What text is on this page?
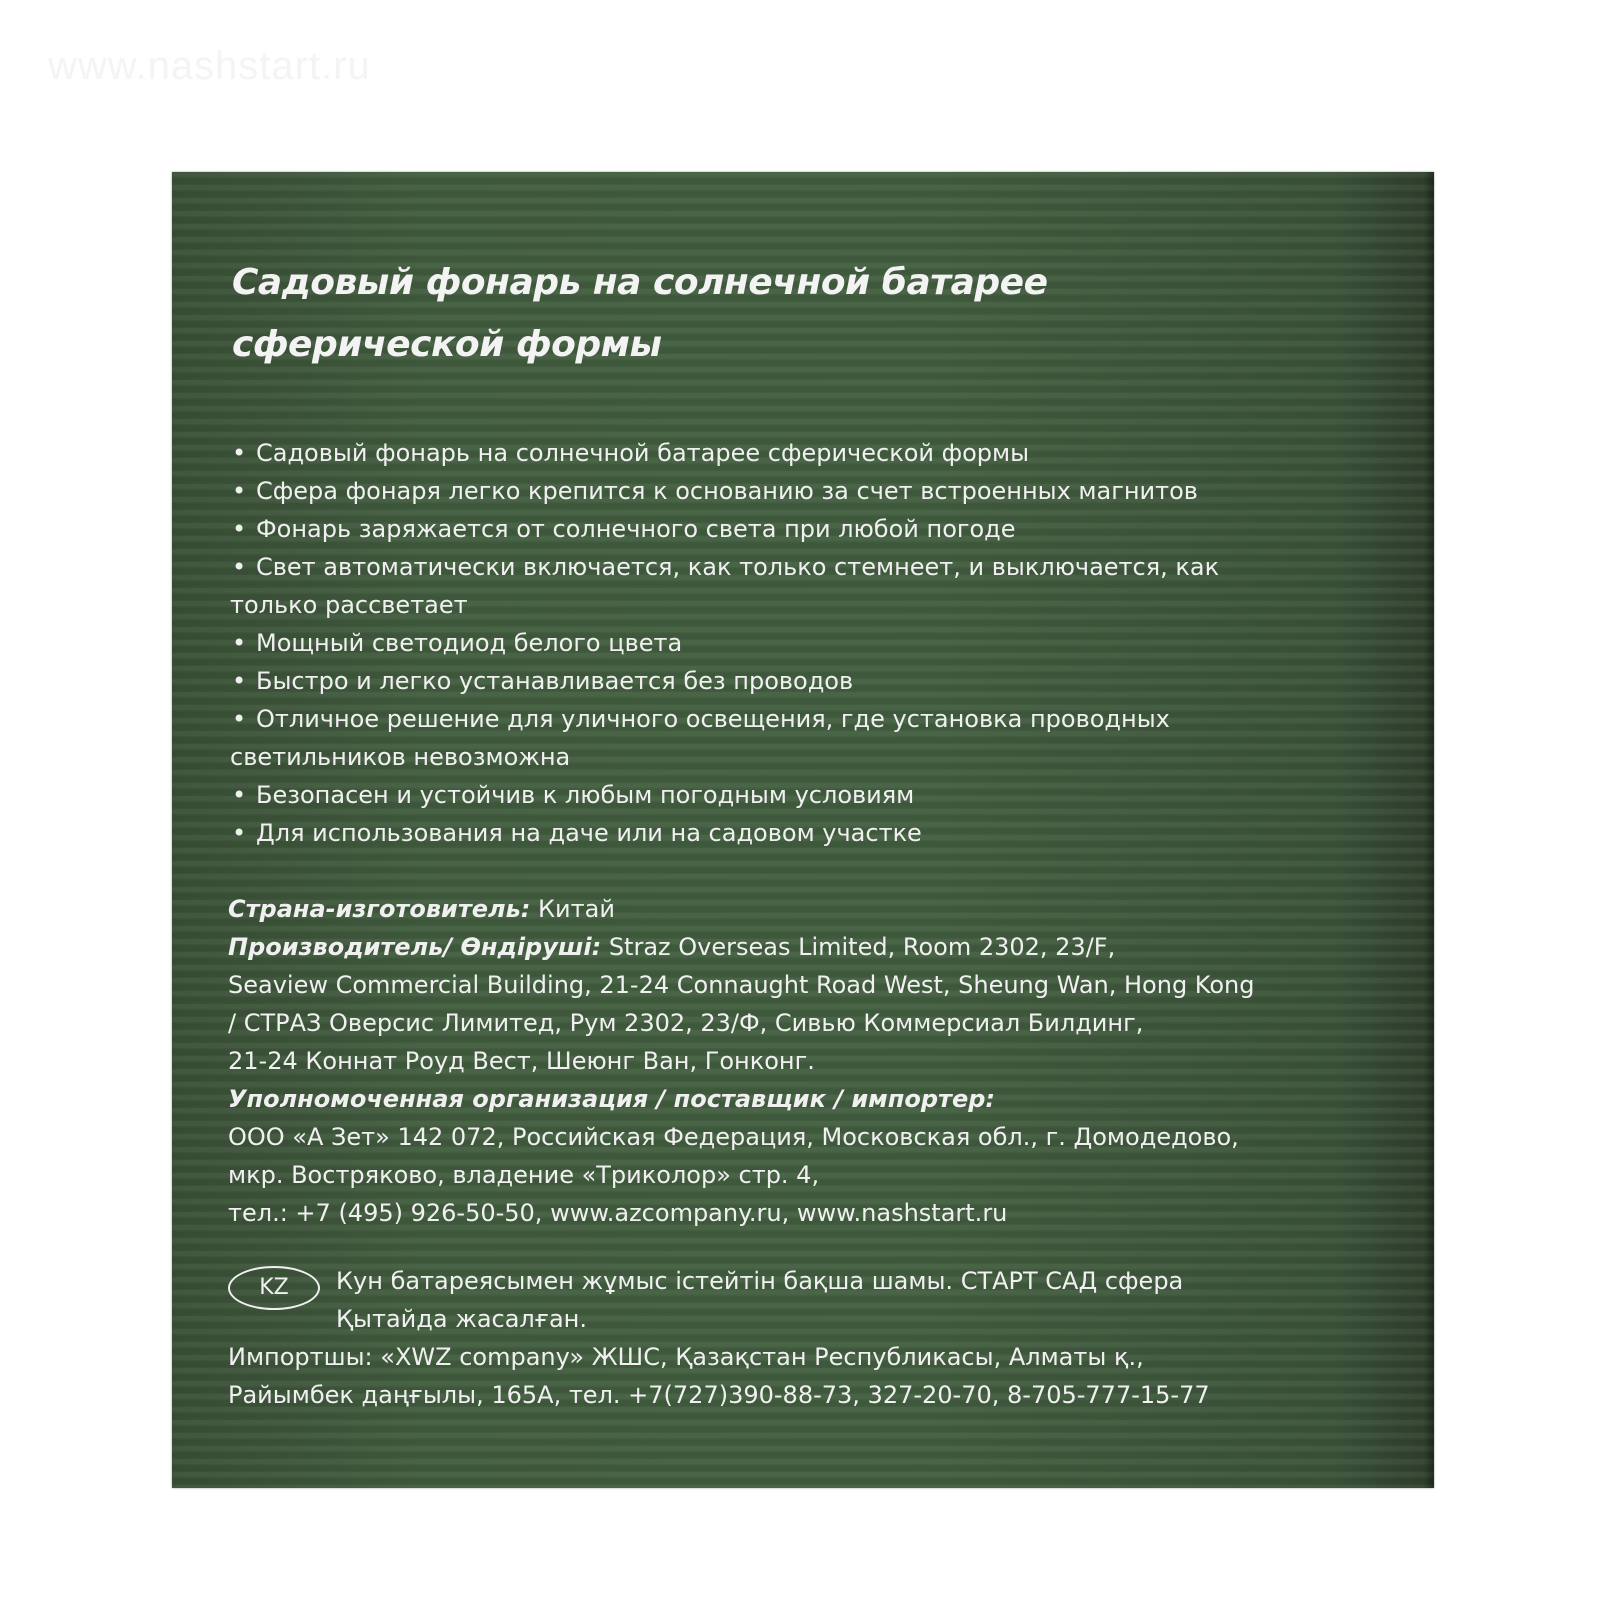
www.nashstart.ru
Садовый фонарь на солнечной батарее
сферической формы
• Садовый фонарь на солнечной батарее сферической формы
• Сфера фонаря легко крепится к основанию за счет встроенных магнитов
• Фонарь заряжается от солнечного света при любой погоде
• Свет автоматически включается, как только стемнеет, и выключается, как
только рассветает
• Мощный светодиод белого цвета
• Быстро и легко устанавливается без проводов
• Отличное решение для уличного освещения, где установка проводных
светильников невозможна
• Безопасен и устойчив к любым погодным условиям
• Для использования на даче или на садовом участке

Страна-изготовитель: Китай

Производитель/ Өндіруші: Straz Overseas Limited, Room 2302, 23/F,
Seaview Commercial Building, 21-24 Connaught Road West, Sheung Wan, Hong Kong
/ СТРАЗ Оверсис Лимитед, Рум 2302, 23/Ф, Сивью Коммерсиал Билдинг,
21-24 Коннат Роуд Вест, Шеюнг Ван, Гонконг.

Уполномоченная организация / поставщик / импортер:
ООО «А Зет» 142 072, Российская Федерация, Московская обл., г. Домодедово,
мкр. Востряково, владение «Триколор» стр. 4,
тел.: +7 (495) 926-50-50, www.azcompany.ru, www.nashstart.ru

KZ	Кун батареясымен жұмыс істейтін бақша шамы. СТАРТ САД сфера

Қытайда жасалған.

Импортшы: «XWZ company» ЖШС, Қазақстан Республикасы, Алматы қ.,

Райымбек даңғылы, 165А, тел. +7(727)390-88-73, 327-20-70, 8-705-777-15-77
